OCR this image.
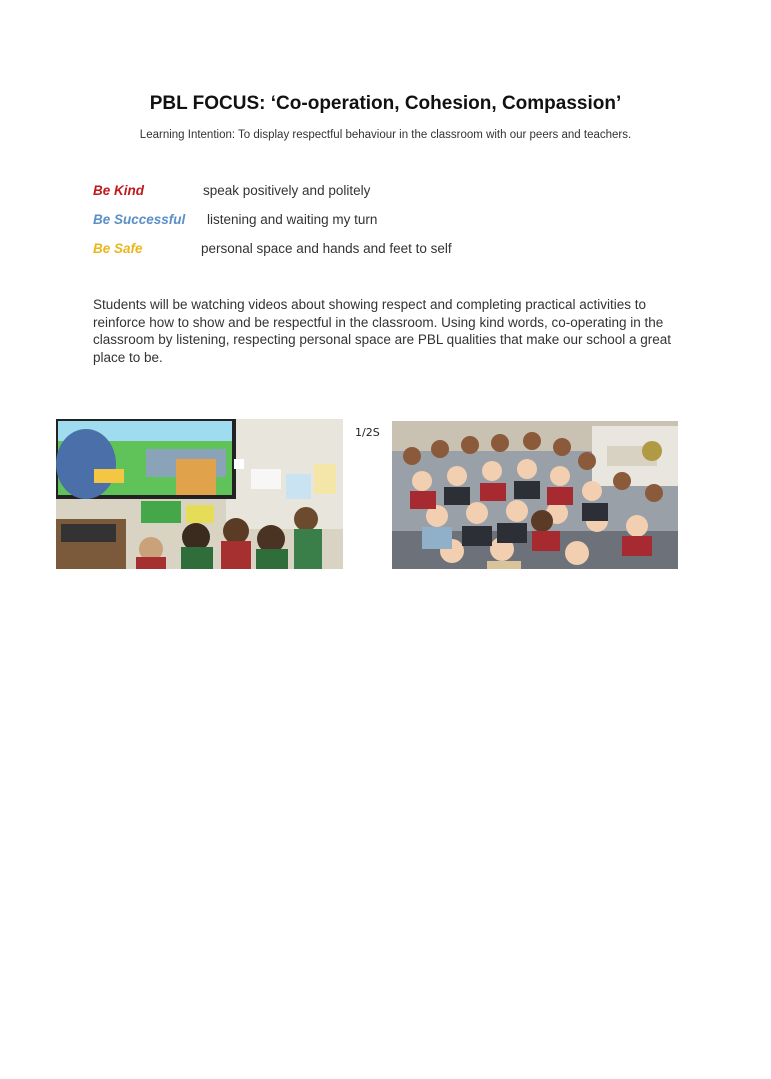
PBL FOCUS: ‘Co-operation, Cohesion, Compassion’
Learning Intention: To display respectful behaviour in the classroom with our peers and teachers.
Be Kind	speak positively and politely
Be Successful listening and waiting my turn
Be Safe	personal space and hands and feet to self
Students will be watching videos about showing respect and completing practical activities to reinforce how to show and be respectful in the classroom. Using kind words, co-operating in the classroom by listening, respecting personal space are PBL qualities that make our school a great place to be.
1/2S
